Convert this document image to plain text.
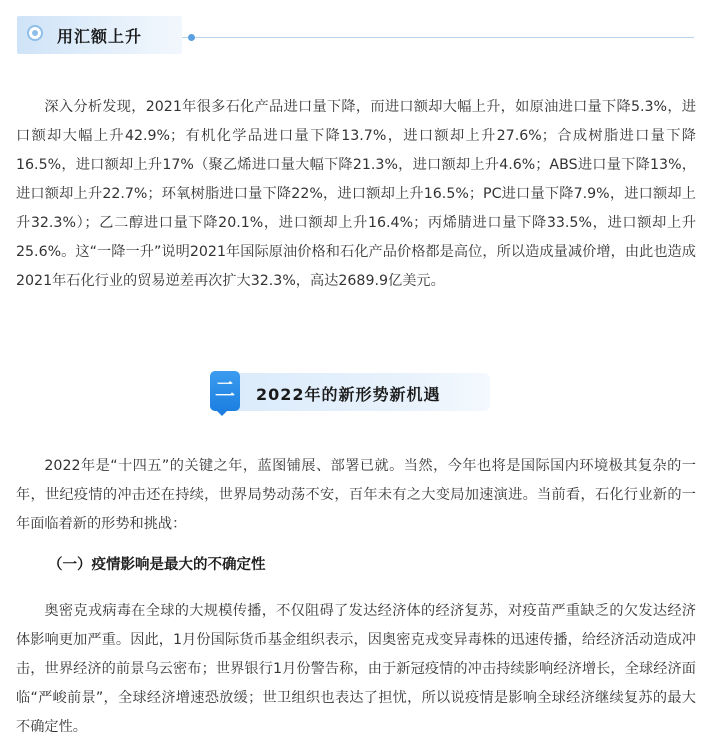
用汇额上升

深入分析发现，2021年很多石化产品进口量下降，而进口额却大幅上升，如原油进口量下降5.3%，进口额却大幅上升42.9%；有机化学品进口量下降13.7%，进口额却上升27.6%；合成树脂进口量下降16.5%，进口额却上升17%（聚乙烯进口量大幅下降21.3%，进口额却上升4.6%；ABS进口量下降13%，进口额却上升22.7%；环氧树脂进口量下降22%，进口额却上升16.5%；PC进口量下降7.9%，进口额却上升32.3%）；乙二醇进口量下降20.1%，进口额却上升16.4%；丙烯腈进口量下降33.5%，进口额却上升25.6%。这“一降一升”说明2021年国际原油价格和石化产品价格都是高位，所以造成量减价增，由此也造成2021年石化行业的贸易逆差再次扩大32.3%，高达2689.9亿美元。

二	2022年的新形势新机遇

2022年是“十四五”的关键之年，蓝图铺展、部署已就。当然，今年也将是国际国内环境极其复杂的一年，世纪疫情的冲击还在持续，世界局势动荡不安，百年未有之大变局加速演进。当前看，石化行业新的一年面临着新的形势和挑战：

（一）疫情影响是最大的不确定性

奥密克戎病毒在全球的大规模传播，不仅阻碍了发达经济体的经济复苏，对疫苗严重缺乏的欠发达经济体影响更加严重。因此，1月份国际货币基金组织表示，因奥密克戎变异毒株的迅速传播，给经济活动造成冲击，世界经济的前景乌云密布；世界银行1月份警告称，由于新冠疫情的冲击持续影响经济增长，全球经济面临“严峻前景”，全球经济增速恐放缓；世卫组织也表达了担忧，所以说疫情是影响全球经济继续复苏的最大不确定性。
